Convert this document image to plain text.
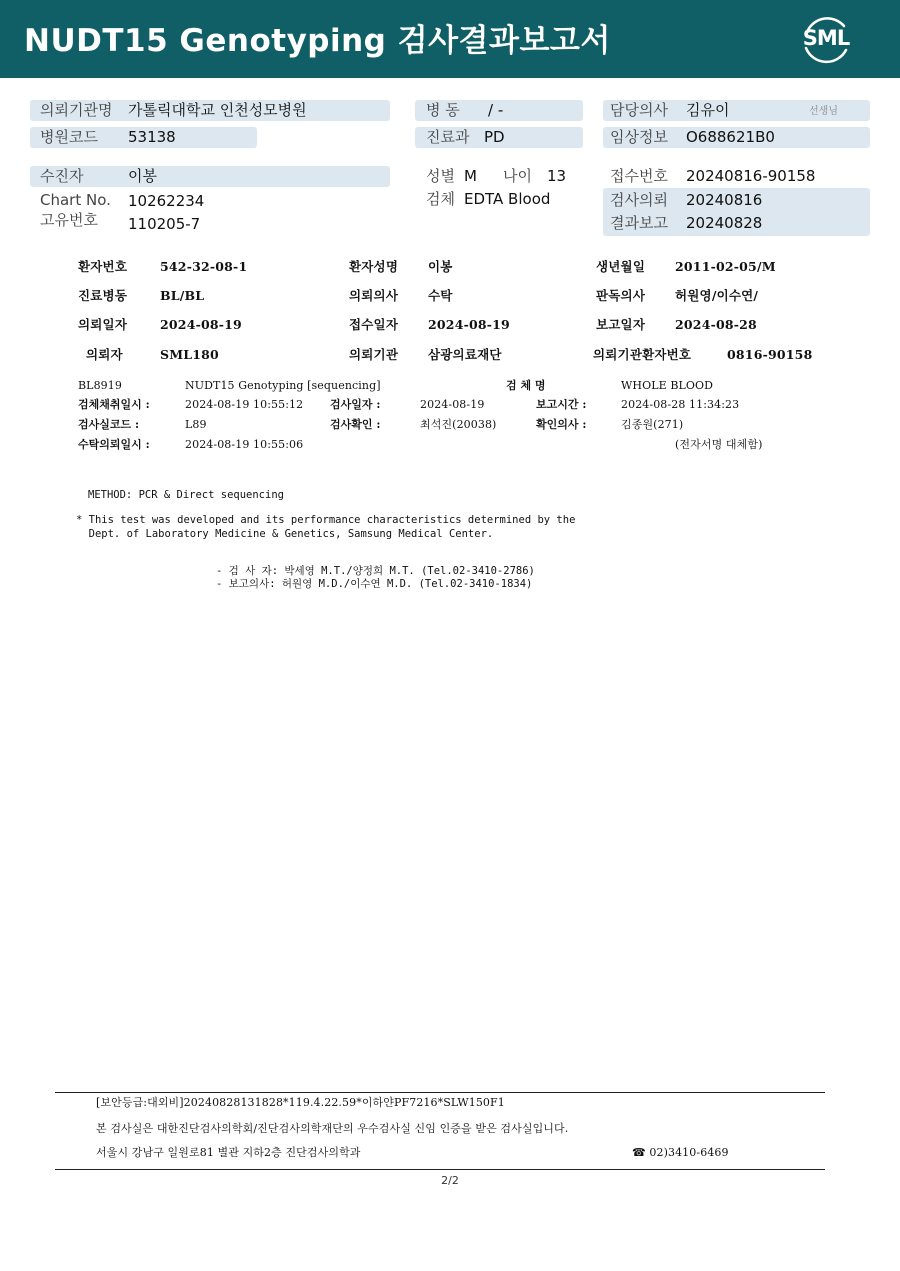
NUDT15 Genotyping 검사결과보고서	SML
의뢰기관명 가톨릭대학교 인천성모병원	병 동 / -	담당의사 김유이	선생님
병원코드 53138	진료과 PD	임상정보 O688621B0
수진자	이봉	성별 M 나이 13	접수번호 20240816-90158
Chart No. 10262234	검체 EDTA Blood	검사의뢰 20240816
고유번호 110205-7	결과보고 20240828
환자번호	542-32-08-1	환자성명 이봉	생년월일 2011-02-05/M
진료병동	BL/BL	의뢰의사 수탁	판독의사 허원영/이수연/
의뢰일자	2024-08-19	접수일자 2024-08-19	보고일자 2024-08-28
의뢰자	SML180	의뢰기관 삼광의료재단	의뢰기관환자번호	0816-90158
BL8919	NUDT15 Genotyping [sequencing]	검 체 명	WHOLE BLOOD
검체채취일시 :	2024-08-19 10:55:12 검사일자 :	2024-08-19	보고시간 :	2024-08-28 11:34:23
검사실코드 :	L89	검사확인 :	최석진(20038)	확인의사 :	김종원(271)
수탁의뢰일시 :	2024-08-19 10:55:06	(전자서명 대체함)
METHOD: PCR & Direct sequencing
* This test was developed and its performance characteristics determined by the
Dept. of Laboratory Medicine & Genetics, Samsung Medical Center.
- 검 사 자: 박세영 M.T./양정희 M.T. (Tel.02-3410-2786)
- 보고의사: 허원영 M.D./이수연 M.D. (Tel.02-3410-1834)
[보안등급:대외비]20240828131828*119.4.22.59*이하얀PF7216*SLW150F1
본 검사실은 대한진단검사의학회/진단검사의학재단의 우수검사실 신임 인증을 받은 검사실입니다.
서울시 강남구 일원로81 별관 지하2층 진단검사의학과	☎ 02)3410-6469
2/2
